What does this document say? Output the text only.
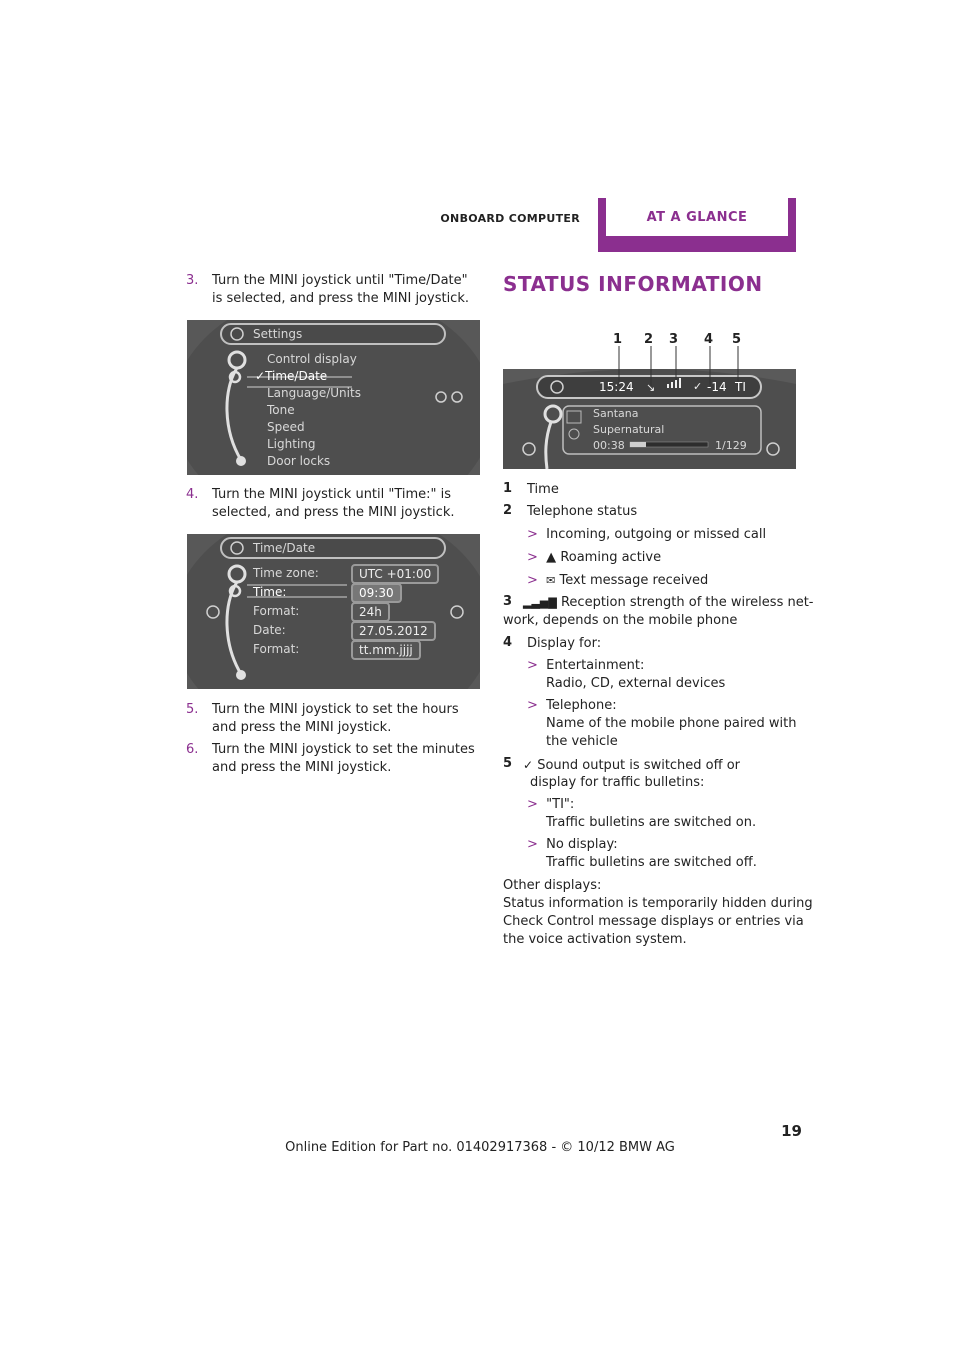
ONBOARD COMPUTER	AT A GLANCE
3. Turn the MINI joystick until "Time/Date" is selected, and press the MINI joystick.
Settings
Control display
✓Time/Date
Language/Units
Tone
Speed
Lighting
Door locks
4. Turn the MINI joystick until "Time:" is selected, and press the MINI joystick.
Time/Date
Time zone:	UTC +01:00
Time:	09:30
Format:	24h
Date:	27.05.2012
Format:	tt.mm.jjjj
5. Turn the MINI joystick to set the hours and press the MINI joystick.
6. Turn the MINI joystick to set the minutes and press the MINI joystick.
STATUS INFORMATION
✓
↘
1 2 3 4 5
15:24	-14 TI
Santana
Supernatural
00:38	1/129
1 Time
2 Telephone status
> Incoming, outgoing or missed call
> ▲ Roaming active
> ✉ Text message received
3 ▂▃▅▇ Reception strength of the wireless net-
work, depends on the mobile phone
4 Display for:
> Entertainment:
Radio, CD, external devices
> Telephone:
Name of the mobile phone paired with
the vehicle
5 ✓ Sound output is switched off or
display for traffic bulletins:
> "TI":
Traffic bulletins are switched on.
> No display:
Traffic bulletins are switched off.
Other displays:
Status information is temporarily hidden during
Check Control message displays or entries via
the voice activation system.
19
Online Edition for Part no. 01402917368 - © 10/12 BMW AG
